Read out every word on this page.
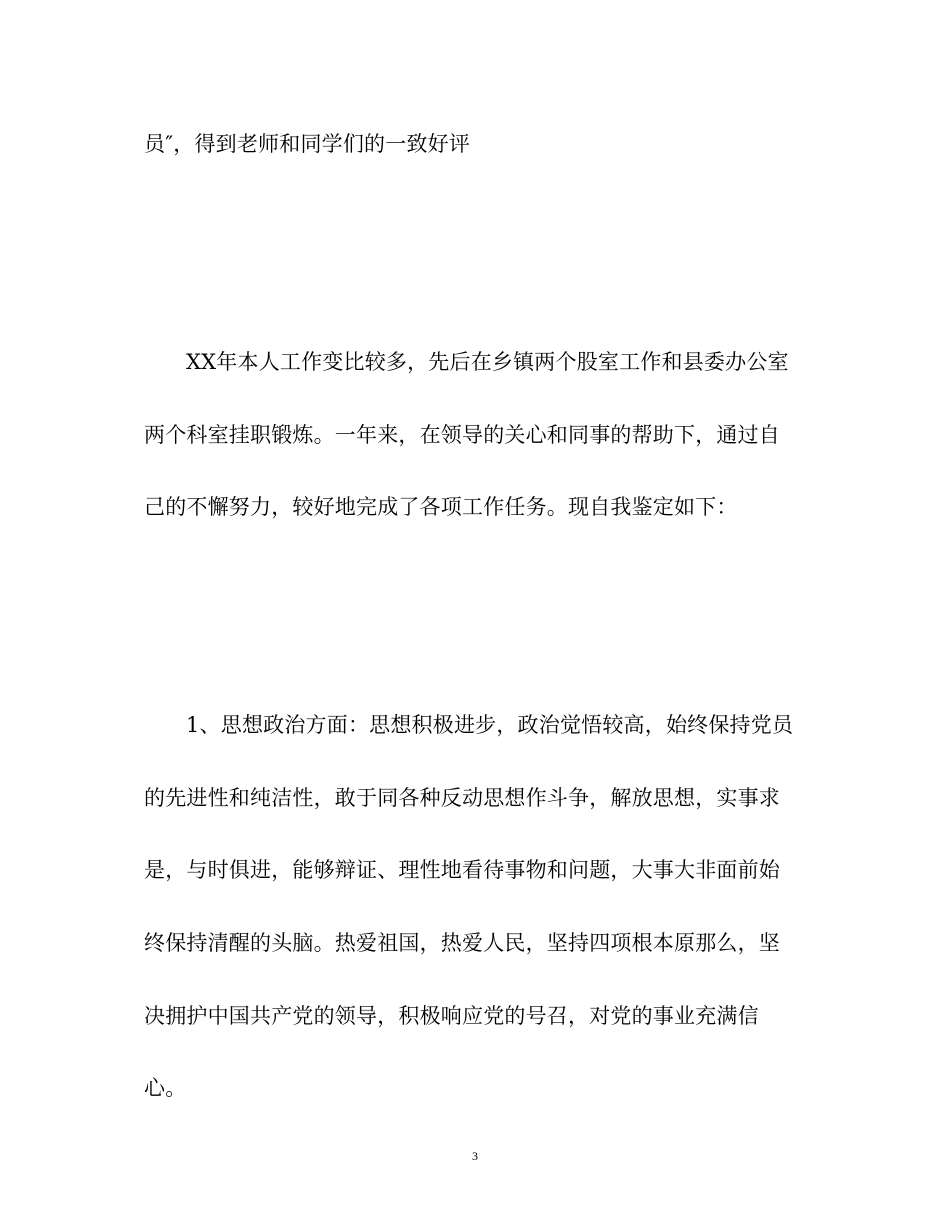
员″，得到老师和同学们的一致好评
XX年本人工作变比较多，先后在乡镇两个股室工作和县委办公室
两个科室挂职锻炼。一年来，在领导的关心和同事的帮助下，通过自
己的不懈努力，较好地完成了各项工作任务。现自我鉴定如下：
1、思想政治方面：思想积极进步，政治觉悟较高，始终保持党员
的先进性和纯洁性，敢于同各种反动思想作斗争，解放思想，实事求
是，与时俱进，能够辩证、理性地看待事物和问题，大事大非面前始
终保持清醒的头脑。热爱祖国，热爱人民，坚持四项根本原那么，坚
决拥护中国共产党的领导，积极响应党的号召，对党的事业充满信
心。
3
